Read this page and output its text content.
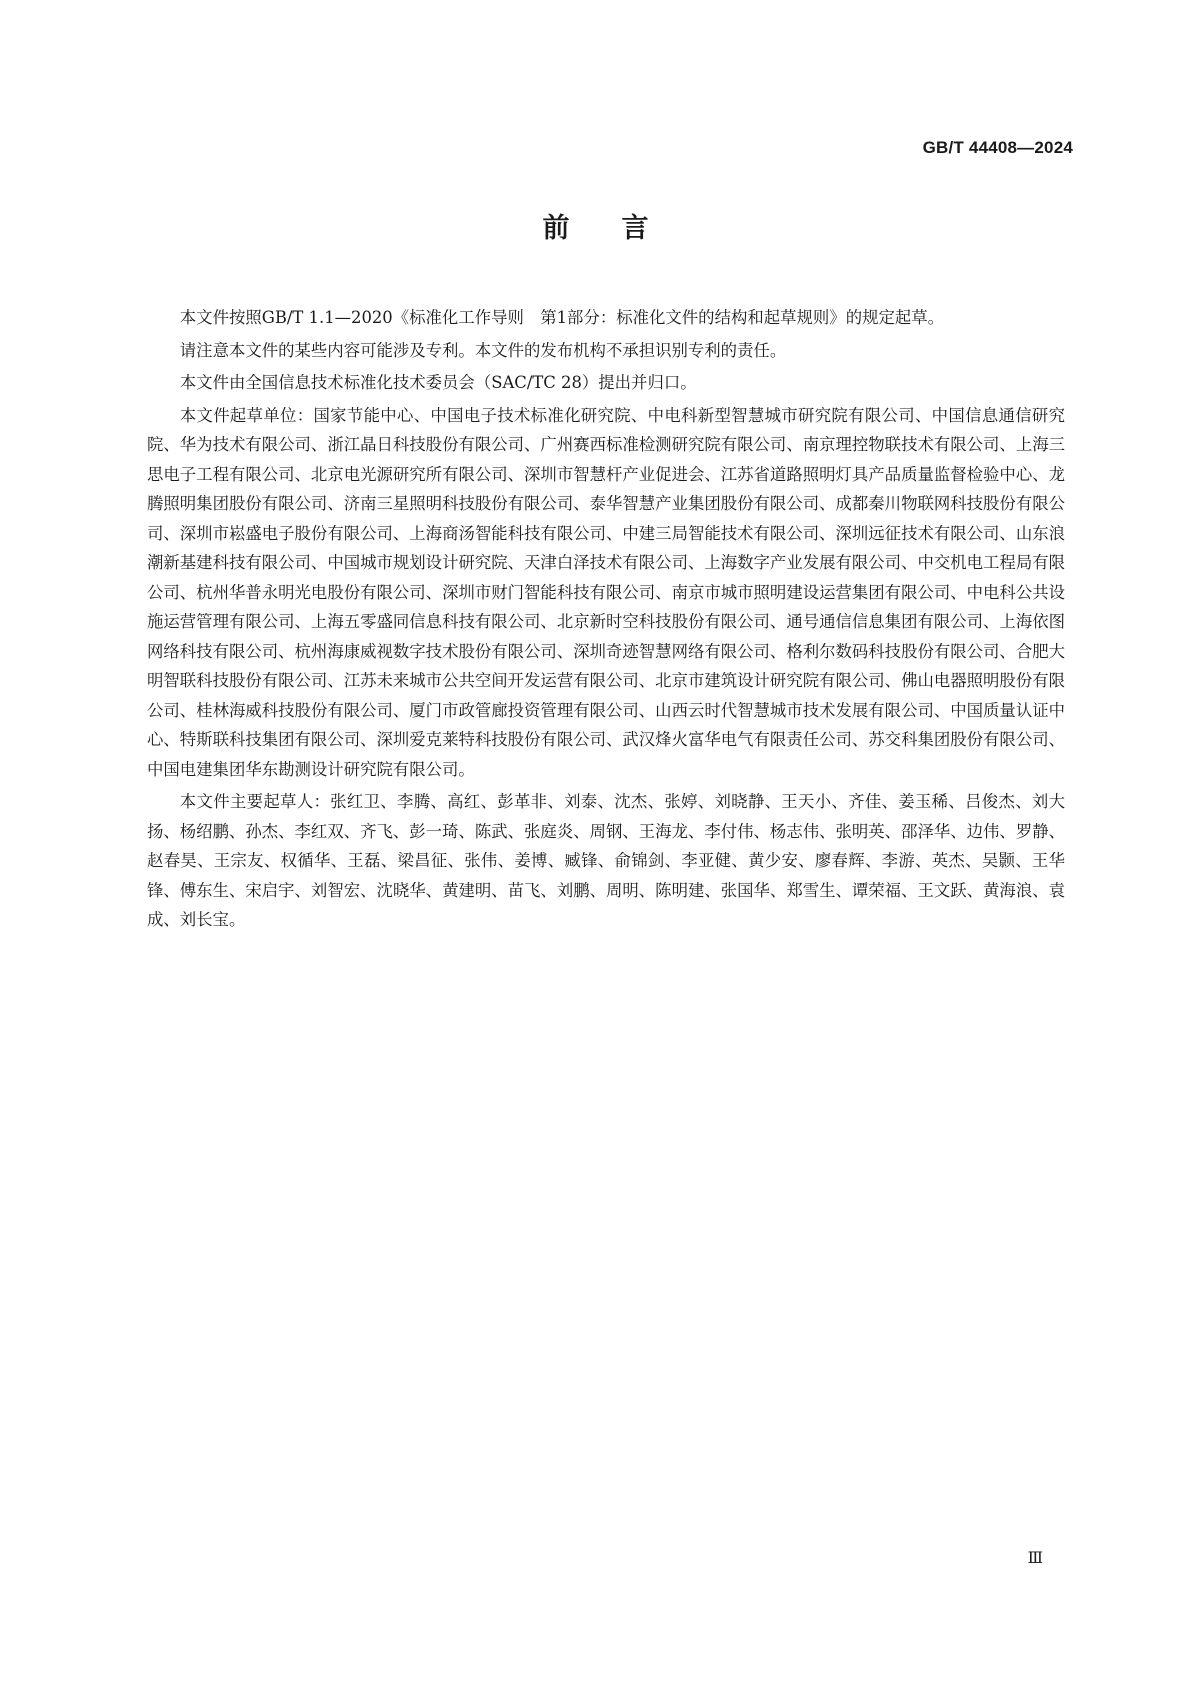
GB/T 44408—2024
前言

本文件按照GB/T 1.1—2020《标准化工作导则　第1部分：标准化文件的结构和起草规则》的规定起草。

请注意本文件的某些内容可能涉及专利。本文件的发布机构不承担识别专利的责任。

本文件由全国信息技术标准化技术委员会（SAC/TC 28）提出并归口。

本文件起草单位：国家节能中心、中国电子技术标准化研究院、中电科新型智慧城市研究院有限公司、中国信息通信研究院、华为技术有限公司、浙江晶日科技股份有限公司、广州赛西标准检测研究院有限公司、南京理控物联技术有限公司、上海三思电子工程有限公司、北京电光源研究所有限公司、深圳市智慧杆产业促进会、江苏省道路照明灯具产品质量监督检验中心、龙腾照明集团股份有限公司、济南三星照明科技股份有限公司、泰华智慧产业集团股份有限公司、成都秦川物联网科技股份有限公司、深圳市崧盛电子股份有限公司、上海商汤智能科技有限公司、中建三局智能技术有限公司、深圳远征技术有限公司、山东浪潮新基建科技有限公司、中国城市规划设计研究院、天津白泽技术有限公司、上海数字产业发展有限公司、中交机电工程局有限公司、杭州华普永明光电股份有限公司、深圳市财门智能科技有限公司、南京市城市照明建设运营集团有限公司、中电科公共设施运营管理有限公司、上海五零盛同信息科技有限公司、北京新时空科技股份有限公司、通号通信信息集团有限公司、上海依图网络科技有限公司、杭州海康威视数字技术股份有限公司、深圳奇迹智慧网络有限公司、格利尔数码科技股份有限公司、合肥大明智联科技股份有限公司、江苏未来城市公共空间开发运营有限公司、北京市建筑设计研究院有限公司、佛山电器照明股份有限公司、桂林海威科技股份有限公司、厦门市政管廊投资管理有限公司、山西云时代智慧城市技术发展有限公司、中国质量认证中心、特斯联科技集团有限公司、深圳爱克莱特科技股份有限公司、武汉烽火富华电气有限责任公司、苏交科集团股份有限公司、中国电建集团华东勘测设计研究院有限公司。

本文件主要起草人：张红卫、李腾、高红、彭革非、刘泰、沈杰、张婷、刘晓静、王天小、齐佳、姜玉稀、吕俊杰、刘大扬、杨绍鹏、孙杰、李红双、齐飞、彭一琦、陈武、张庭炎、周钢、王海龙、李付伟、杨志伟、张明英、邵泽华、边伟、罗静、赵春昊、王宗友、权循华、王磊、梁昌征、张伟、姜博、臧锋、俞锦剑、李亚健、黄少安、廖春辉、李游、英杰、吴颢、王华锋、傅东生、宋启宇、刘智宏、沈晓华、黄建明、苗飞、刘鹏、周明、陈明建、张国华、郑雪生、谭荣福、王文跃、黄海浪、袁成、刘长宝。

Ⅲ
